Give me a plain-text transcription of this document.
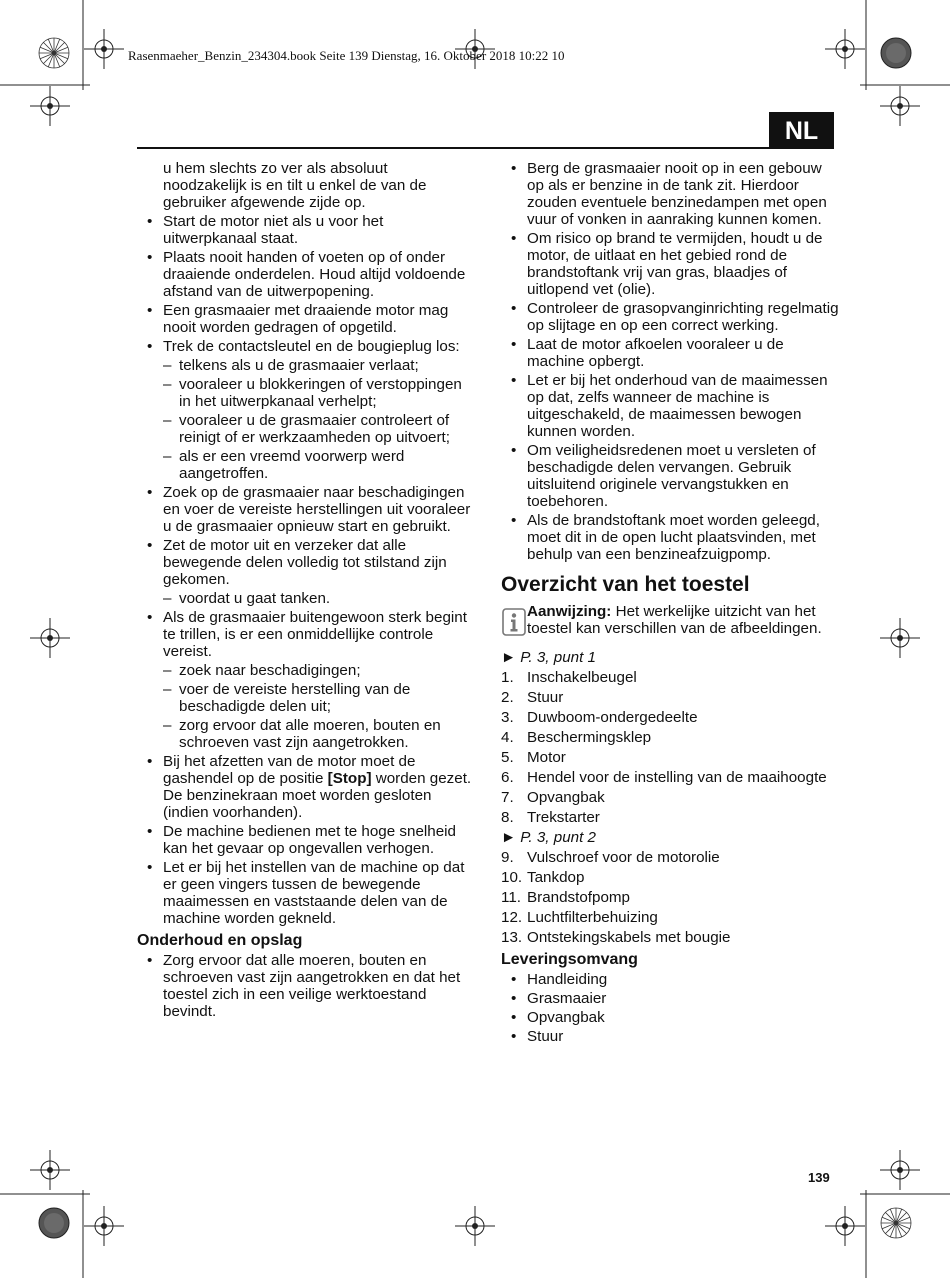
Rasenmaeher_Benzin_234304.book Seite 139 Dienstag, 16. Oktober 2018 10:22 10
NL
u hem slechts zo ver als absoluut noodzakelijk is en tilt u enkel de van de gebruiker afgewende zijde op.
• Start de motor niet als u voor het uitwerpkanaal staat.
• Plaats nooit handen of voeten op of onder draaiende onderdelen. Houd altijd voldoende afstand van de uitwerpopening.
• Een grasmaaier met draaiende motor mag nooit worden gedragen of opgetild.
• Trek de contactsleutel en de bougieplug los:
– telkens als u de grasmaaier verlaat;
– vooraleer u blokkeringen of verstoppingen in het uitwerpkanaal verhelpt;
– vooraleer u de grasmaaier controleert of reinigt of er werkzaamheden op uitvoert;
– als er een vreemd voorwerp werd aangetroffen.
• Zoek op de grasmaaier naar beschadigingen en voer de vereiste herstellingen uit vooraleer u de grasmaaier opnieuw start en gebruikt.
• Zet de motor uit en verzeker dat alle bewegende delen volledig tot stilstand zijn gekomen.
– voordat u gaat tanken.
• Als de grasmaaier buitengewoon sterk begint te trillen, is er een onmiddellijke controle vereist.
– zoek naar beschadigingen;
– voer de vereiste herstelling van de beschadigde delen uit;
– zorg ervoor dat alle moeren, bouten en schroeven vast zijn aangetrokken.
• Bij het afzetten van de motor moet de gashendel op de positie [Stop] worden gezet. De benzinekraan moet worden gesloten (indien voorhanden).
• De machine bedienen met te hoge snelheid kan het gevaar op ongevallen verhogen.
• Let er bij het instellen van de machine op dat er geen vingers tussen de bewegende maaimessen en vaststaande delen van de machine worden gekneld.
Onderhoud en opslag
• Zorg ervoor dat alle moeren, bouten en schroeven vast zijn aangetrokken en dat het toestel zich in een veilige werktoestand bevindt.
• Berg de grasmaaier nooit op in een gebouw op als er benzine in de tank zit. Hierdoor zouden eventuele benzinedampen met open vuur of vonken in aanraking kunnen komen.
• Om risico op brand te vermijden, houdt u de motor, de uitlaat en het gebied rond de brandstoftank vrij van gras, blaadjes of uitlopend vet (olie).
• Controleer de grasopvanginrichting regelmatig op slijtage en op een correct werking.
• Laat de motor afkoelen vooraleer u de machine opbergt.
• Let er bij het onderhoud van de maaimessen op dat, zelfs wanneer de machine is uitgeschakeld, de maaimessen bewogen kunnen worden.
• Om veiligheidsredenen moet u versleten of beschadigde delen vervangen. Gebruik uitsluitend originele vervangstukken en toebehoren.
• Als de brandstoftank moet worden geleegd, moet dit in de open lucht plaatsvinden, met behulp van een benzineafzuigpomp.
Overzicht van het toestel
Aanwijzing: Het werkelijke uitzicht van het toestel kan verschillen van de afbeeldingen.
► P. 3, punt 1
1. Inschakelbeugel
2. Stuur
3. Duwboom-ondergedeelte
4. Beschermingsklep
5. Motor
6. Hendel voor de instelling van de maaihoogte
7. Opvangbak
8. Trekstarter
► P. 3, punt 2
9. Vulschroef voor de motorolie
10. Tankdop
11. Brandstofpomp
12. Luchtfilterbehuizing
13. Ontstekingskabels met bougie
Leveringsomvang
• Handleiding
• Grasmaaier
• Opvangbak
• Stuur
139
